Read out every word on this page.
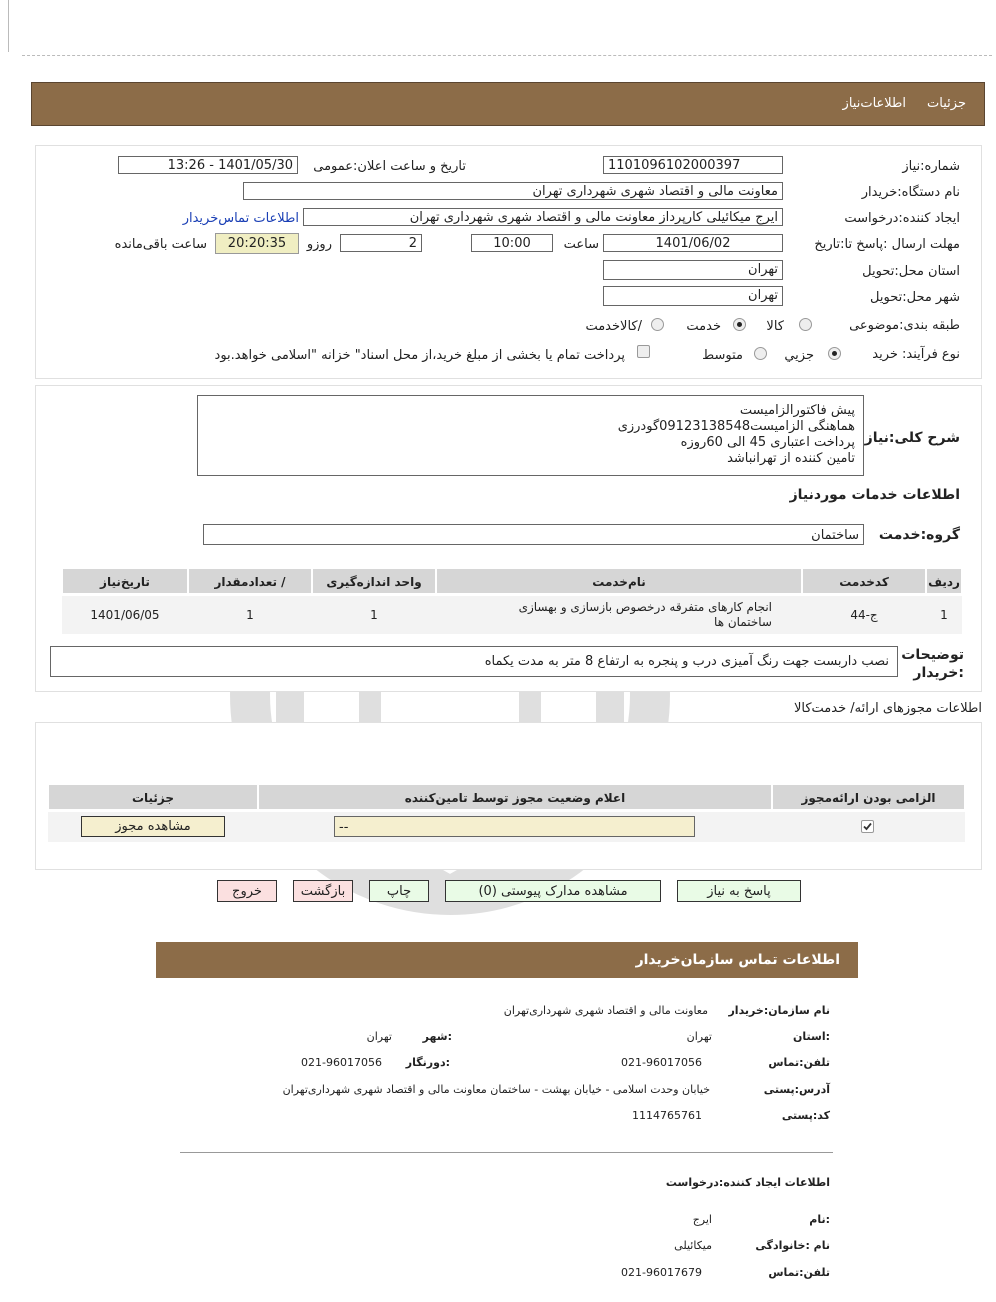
جزئیات
اطلاعات‌نیاز
شماره:نیاز
1101096102000397
تاریخ و ساعت اعلان:عمومی
1401/05/30 - 13:26
نام دستگاه:خریدار
معاونت مالی و اقتصاد شهری شهرداری تهران
ایجاد کننده:درخواست
ایرج میکائیلی کارپرداز معاونت مالی و اقتصاد شهری شهرداری تهران
اطلاعات تماس‌خریدار
مهلت ارسال :پاسخ تا:تاریخ
1401/06/02
ساعت
10:00
2
روزو
20:20:35
ساعت باقی‌مانده
استان محل:تحویل
تهران
شهر محل:تحویل
تهران
طبقه بندی:موضوعی
کالا
خدمت
/کالاخدمت
نوع فرآیند: خرید
جزيي
متوسط
پرداخت تمام یا بخشی از مبلغ خرید،از محل اسناد" خزانه "اسلامی خواهد.بود
شرح کلی:نیاز
پیش فاکتورالزامیست
هماهنگی الزامیست09123138548گودرزی
پرداخت اعتباری 45 الی 60روزه
تامین کننده از تهرانباشد
اطلاعات خدمات موردنیاز
گروه:خدمت
ساختمان
ردیف
کدخدمت
نام‌خدمت
واحد اندازه‌گیری
/ تعدادمقدار
تاریخ‌نیاز
1
ج-44
انجام کارهای متفرقه درخصوص بازسازی و بهسازی ساختمان ها
1
1
1401/06/05
توضیحات :خریدار
نصب داربست جهت رنگ آمیزی درب و پنجره به ارتفاع 8 متر به مدت یکماه
اطلاعات مجوزهای ارائه/ خدمت‌کالا
الزامی بودن ارائه‌مجوز
اعلام وضعیت مجوز توسط تامین‌کننده
جزئیات
--
مشاهده مجوز
پاسخ به نیاز
مشاهده مدارک پیوستی (0)
چاپ
بازگشت
خروج
اطلاعات تماس سازمان‌خریدار
نام سازمان:خریدار
معاونت مالی و اقتصاد شهری شهرداری‌تهران
:استان
تهران
:شهر
تهران
تلفن:تماس
021-96017056
:دورنگار
021-96017056
آدرس:پستی
خیابان وحدت اسلامی - خیابان بهشت - ساختمان معاونت مالی و اقتصاد شهری شهرداری‌تهران
کد:پستی
1114765761
اطلاعات ایجاد کننده:درخواست
:نام
ایرج
نام :خانوادگی
میکائیلی
تلفن:تماس
021-96017679
